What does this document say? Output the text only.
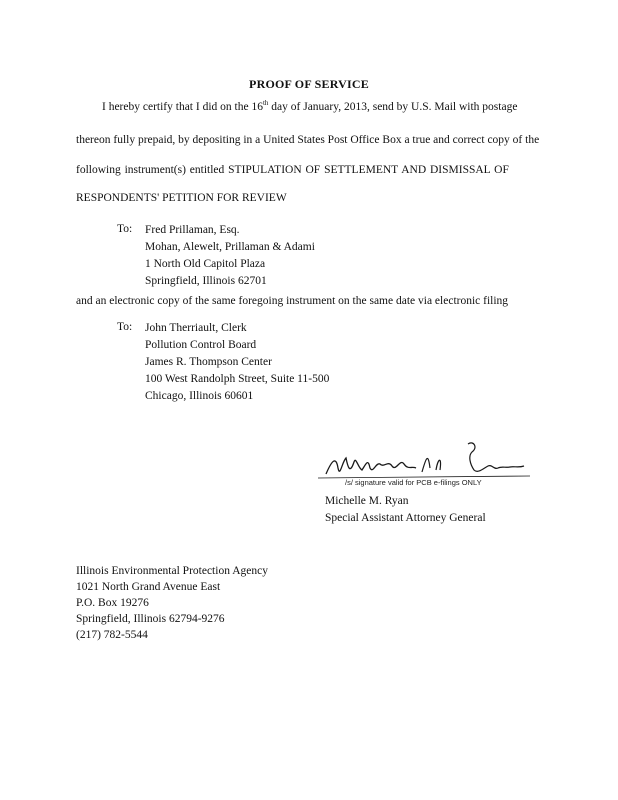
PROOF OF SERVICE
I hereby certify that I did on the 16th day of January, 2013, send by U.S. Mail with postage
thereon fully prepaid, by depositing in a United States Post Office Box a true and correct copy of the
following instrument(s) entitled STIPULATION OF SETTLEMENT AND DISMISSAL OF
RESPONDENTS' PETITION FOR REVIEW
To: Fred Prillaman, Esq.
Mohan, Alewelt, Prillaman & Adami
1 North Old Capitol Plaza
Springfield, Illinois 62701
and an electronic copy of the same foregoing instrument on the same date via electronic filing
To: John Therriault, Clerk
Pollution Control Board
James R. Thompson Center
100 West Randolph Street, Suite 11-500
Chicago, Illinois 60601
/s/ signature valid for PCB e-filings ONLY
Michelle M. Ryan
Special Assistant Attorney General
Illinois Environmental Protection Agency
1021 North Grand Avenue East
P.O. Box 19276
Springfield, Illinois 62794-9276
(217) 782-5544
